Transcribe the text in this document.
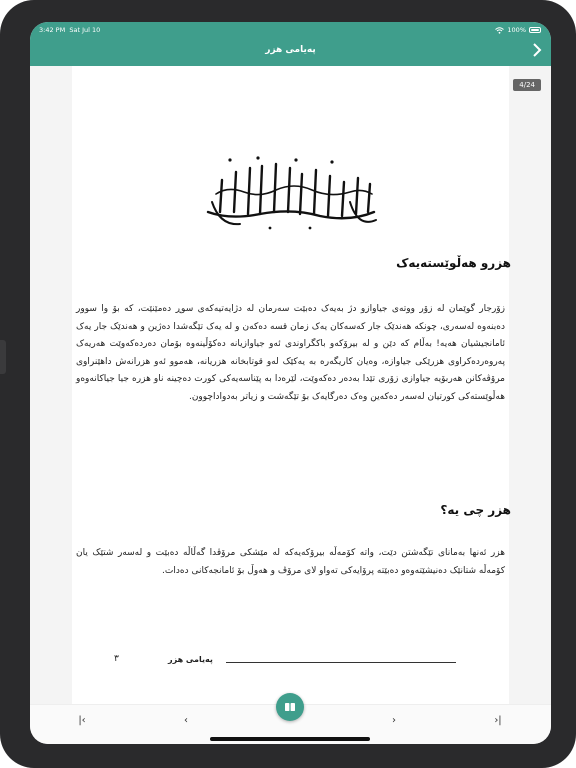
3:42 PM Sat Jul 10	100%
پەیامی هزر
4/24
هزرو هەڵوێستەیەک
زۆرجار گوێمان لە زۆر ووتەی جیاوازو دژ بەیەک دەبێت سەرمان لە دژایەتیەکەی سوڕ دەمێنێت، کە بۆ وا سوور دەبنەوە لەسەری، چونکە هەندێک جار کەسەکان یەک زمان قسە دەکەن و لە یەک تێگەشدا دەژین و هەندێک جار یەک ئامانجیشیان هەیە! بەڵام کە دێن و لە بیرۆکەو باکگراوندی ئەو جیاوازیانە دەکۆڵینەوە بۆمان دەردەکەوێت هەریەک پەروەردەکراوی هزرێکی جیاوازە، وەیان کاریگەرە بە یەکێک لەو قوتابخانە هزریانە، هەموو ئەو هزرانەش داهێنراوی مرۆڤەکانن هەربۆیە جیاوازی زۆری تێدا بەدەر دەکەوێت، لێرەدا بە پێناسەیەکی کورت دەچینە ناو هزرە جیا جیاکانەوەو هەڵوێستەکی کورتیان لەسەر دەکەین وەک دەرگایەک بۆ تێگەشت و زیاتر بەدواداچوون.
هزر چی یە؟
هزر ئەنها بەمانای تێگەشتن دێت، واتە کۆمەڵە بیرۆکەیەکە لە مێشکی مرۆڤدا گەڵاڵە دەبێت و لەسەر شتێک یان کۆمەڵە شتانێک دەنیشێتەوەو دەبێتە پرۆایەکی تەواو لای مرۆڤ و هەوڵ بۆ ئامانجەکانی دەدات.
پەیامی هزر
٣
|‹	‹	›	›|
